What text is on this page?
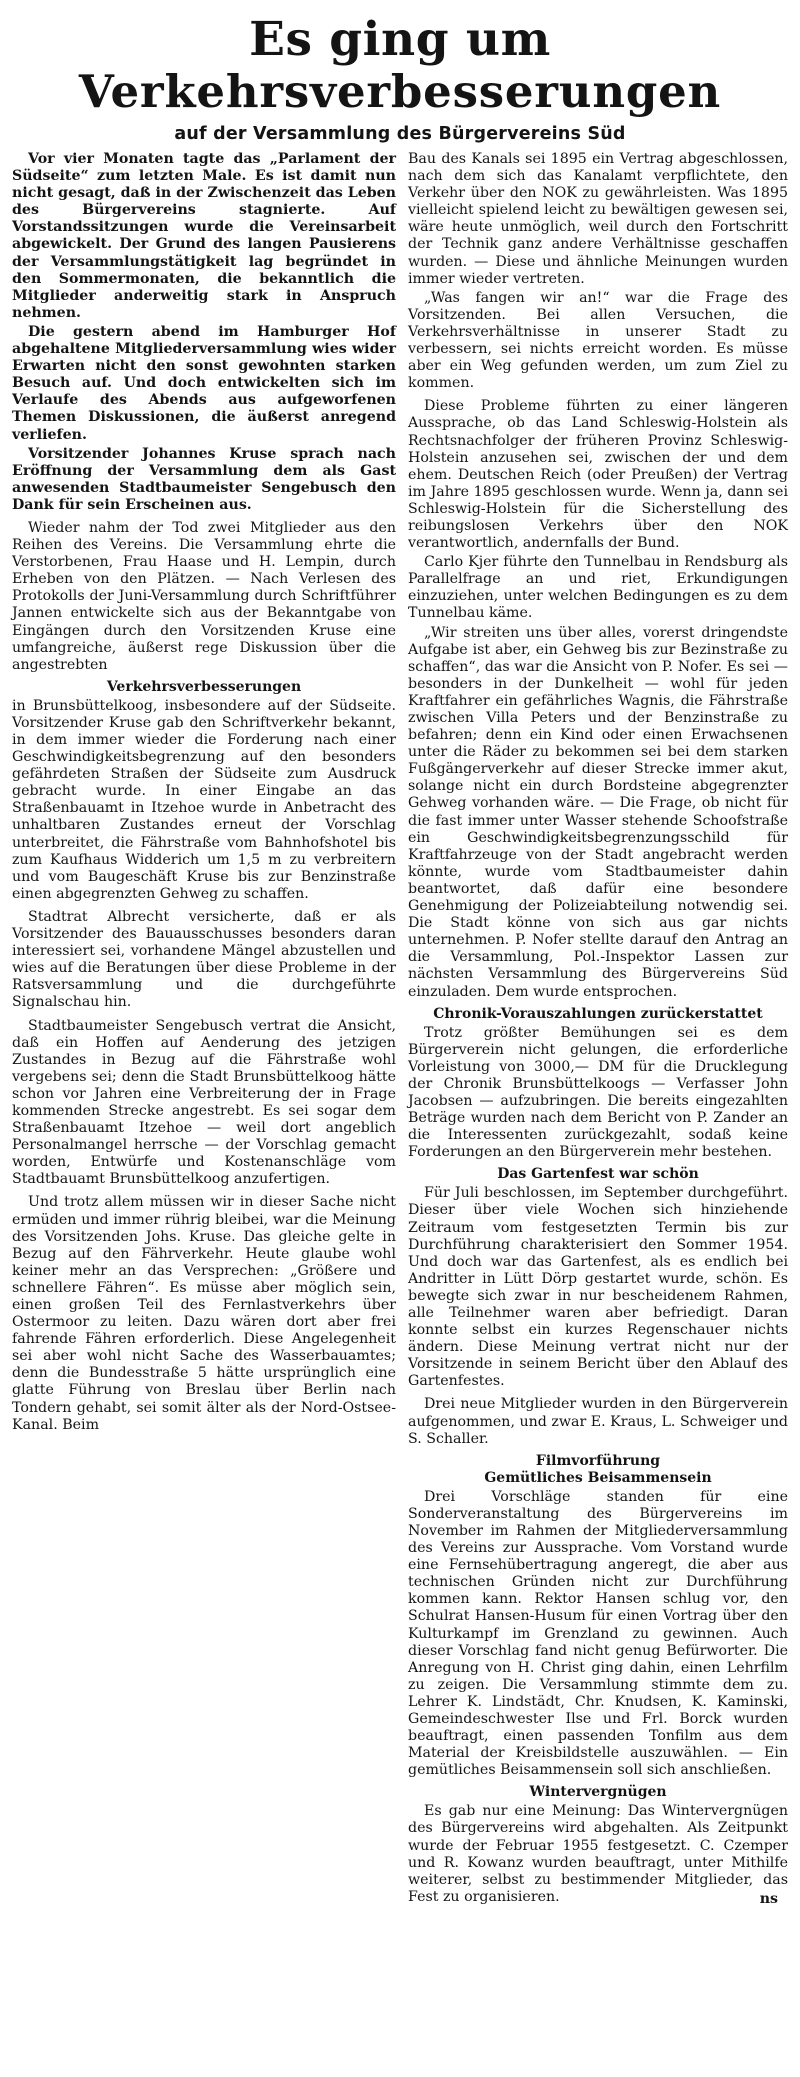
Es ging um
Verkehrsverbesserungen
auf der Versammlung des Bürgervereins Süd

Vor vier Monaten tagte das „Parlament der Südseite“ zum letzten Male. Es ist damit nun nicht gesagt, daß in der Zwischenzeit das Leben des Bürgervereins stagnierte. Auf Vorstandssitzungen wurde die Vereinsarbeit abgewickelt. Der Grund des langen Pausierens der Versammlungstätigkeit lag begründet in den Sommermonaten, die bekanntlich die Mitglieder anderweitig stark in Anspruch nehmen.

Die gestern abend im Hamburger Hof abgehaltene Mitgliederversammlung wies wider Erwarten nicht den sonst gewohnten starken Besuch auf. Und doch entwickelten sich im Verlaufe des Abends aus aufgeworfenen Themen Diskussionen, die äußerst anregend verliefen.

Vorsitzender Johannes Kruse sprach nach Eröffnung der Versammlung dem als Gast anwesenden Stadtbaumeister Sengebusch den Dank für sein Erscheinen aus.

Wieder nahm der Tod zwei Mitglieder aus den Reihen des Vereins. Die Versammlung ehrte die Verstorbenen, Frau Haase und H. Lempin, durch Erheben von den Plätzen. — Nach Verlesen des Protokolls der Juni-Versammlung durch Schriftführer Jannen entwickelte sich aus der Bekanntgabe von Eingängen durch den Vorsitzenden Kruse eine umfangreiche, äußerst rege Diskussion über die angestrebten

Verkehrsverbesserungen

in Brunsbüttelkoog, insbesondere auf der Südseite. Vorsitzender Kruse gab den Schriftverkehr bekannt, in dem immer wieder die Forderung nach einer Geschwindigkeitsbegrenzung auf den besonders gefährdeten Straßen der Südseite zum Ausdruck gebracht wurde. In einer Eingabe an das Straßenbauamt in Itzehoe wurde in Anbetracht des unhaltbaren Zustandes erneut der Vorschlag unterbreitet, die Fährstraße vom Bahnhofshotel bis zum Kaufhaus Widderich um 1,5 m zu verbreitern und vom Baugeschäft Kruse bis zur Benzinstraße einen abgegrenzten Gehweg zu schaffen.

Stadtrat Albrecht versicherte, daß er als Vorsitzender des Bauausschusses besonders daran interessiert sei, vorhandene Mängel abzustellen und wies auf die Beratungen über diese Probleme in der Ratsversammlung und die durchgeführte Signalschau hin.

Stadtbaumeister Sengebusch vertrat die Ansicht, daß ein Hoffen auf Aenderung des jetzigen Zustandes in Bezug auf die Fährstraße wohl vergebens sei; denn die Stadt Brunsbüttelkoog hätte schon vor Jahren eine Verbreiterung der in Frage kommenden Strecke angestrebt. Es sei sogar dem Straßenbauamt Itzehoe — weil dort angeblich Personalmangel herrsche — der Vorschlag gemacht worden, Entwürfe und Kostenanschläge vom Stadtbauamt Brunsbüttelkoog anzufertigen.

Und trotz allem müssen wir in dieser Sache nicht ermüden und immer rührig bleibei, war die Meinung des Vorsitzenden Johs. Kruse. Das gleiche gelte in Bezug auf den Fährverkehr. Heute glaube wohl keiner mehr an das Versprechen: „Größere und schnellere Fähren“. Es müsse aber möglich sein, einen großen Teil des Fernlastverkehrs über Ostermoor zu leiten. Dazu wären dort aber frei fahrende Fähren erforderlich. Diese Angelegenheit sei aber wohl nicht Sache des Wasserbauamtes; denn die Bundesstraße 5 hätte ursprünglich eine glatte Führung von Breslau über Berlin nach Tondern gehabt, sei somit älter als der Nord-Ostsee-Kanal. Beim

Bau des Kanals sei 1895 ein Vertrag abgeschlossen, nach dem sich das Kanalamt verpflichtete, den Verkehr über den NOK zu gewährleisten. Was 1895 vielleicht spielend leicht zu bewältigen gewesen sei, wäre heute unmöglich, weil durch den Fortschritt der Technik ganz andere Verhältnisse geschaffen wurden. — Diese und ähnliche Meinungen wurden immer wieder vertreten.

„Was fangen wir an!“ war die Frage des Vorsitzenden. Bei allen Versuchen, die Verkehrsverhältnisse in unserer Stadt zu verbessern, sei nichts erreicht worden. Es müsse aber ein Weg gefunden werden, um zum Ziel zu kommen.

Diese Probleme führten zu einer längeren Aussprache, ob das Land Schleswig-Holstein als Rechtsnachfolger der früheren Provinz Schleswig-Holstein anzusehen sei, zwischen der und dem ehem. Deutschen Reich (oder Preußen) der Vertrag im Jahre 1895 geschlossen wurde. Wenn ja, dann sei Schleswig-Holstein für die Sicherstellung des reibungslosen Verkehrs über den NOK verantwortlich, andernfalls der Bund.

Carlo Kjer führte den Tunnelbau in Rendsburg als Parallelfrage an und riet, Erkundigungen einzuziehen, unter welchen Bedingungen es zu dem Tunnelbau käme.

„Wir streiten uns über alles, vorerst dringendste Aufgabe ist aber, ein Gehweg bis zur Bezinstraße zu schaffen“, das war die Ansicht von P. Nofer. Es sei — besonders in der Dunkelheit — wohl für jeden Kraftfahrer ein gefährliches Wagnis, die Fährstraße zwischen Villa Peters und der Benzinstraße zu befahren; denn ein Kind oder einen Erwachsenen unter die Räder zu bekommen sei bei dem starken Fußgängerverkehr auf dieser Strecke immer akut, solange nicht ein durch Bordsteine abgegrenzter Gehweg vorhanden wäre. — Die Frage, ob nicht für die fast immer unter Wasser stehende Schoofstraße ein Geschwindigkeitsbegrenzungsschild für Kraftfahrzeuge von der Stadt angebracht werden könnte, wurde vom Stadtbaumeister dahin beantwortet, daß dafür eine besondere Genehmigung der Polizeiabteilung notwendig sei. Die Stadt könne von sich aus gar nichts unternehmen. P. Nofer stellte darauf den Antrag an die Versammlung, Pol.-Inspektor Lassen zur nächsten Versammlung des Bürgervereins Süd einzuladen. Dem wurde entsprochen.

Chronik-Vorauszahlungen zurückerstattet

Trotz größter Bemühungen sei es dem Bürgerverein nicht gelungen, die erforderliche Vorleistung von 3000,— DM für die Drucklegung der Chronik Brunsbüttelkoogs — Verfasser John Jacobsen — aufzubringen. Die bereits eingezahlten Beträge wurden nach dem Bericht von P. Zander an die Interessenten zurückgezahlt, sodaß keine Forderungen an den Bürgerverein mehr bestehen.

Das Gartenfest war schön

Für Juli beschlossen, im September durchgeführt. Dieser über viele Wochen sich hinziehende Zeitraum vom festgesetzten Termin bis zur Durchführung charakterisiert den Sommer 1954. Und doch war das Gartenfest, als es endlich bei Andritter in Lütt Dörp gestartet wurde, schön. Es bewegte sich zwar in nur bescheidenem Rahmen, alle Teilnehmer waren aber befriedigt. Daran konnte selbst ein kurzes Regenschauer nichts ändern. Diese Meinung vertrat nicht nur der Vorsitzende in seinem Bericht über den Ablauf des Gartenfestes.

Drei neue Mitglieder wurden in den Bürgerverein aufgenommen, und zwar E. Kraus, L. Schweiger und S. Schaller.

Filmvorführung
Gemütliches Beisammensein

Drei Vorschläge standen für eine Sonderveranstaltung des Bürgervereins im November im Rahmen der Mitgliederversammlung des Vereins zur Aussprache. Vom Vorstand wurde eine Fernsehübertragung angeregt, die aber aus technischen Gründen nicht zur Durchführung kommen kann. Rektor Hansen schlug vor, den Schulrat Hansen-Husum für einen Vortrag über den Kulturkampf im Grenzland zu gewinnen. Auch dieser Vorschlag fand nicht genug Befürworter. Die Anregung von H. Christ ging dahin, einen Lehrfilm zu zeigen. Die Versammlung stimmte dem zu. Lehrer K. Lindstädt, Chr. Knudsen, K. Kaminski, Gemeindeschwester Ilse und Frl. Borck wurden beauftragt, einen passenden Tonfilm aus dem Material der Kreisbildstelle auszuwählen. — Ein gemütliches Beisammensein soll sich anschließen.

Wintervergnügen

Es gab nur eine Meinung: Das Wintervergnügen des Bürgervereins wird abgehalten. Als Zeitpunkt wurde der Februar 1955 festgesetzt. C. Czemper und R. Kowanz wurden beauftragt, unter Mithilfe weiterer, selbst zu bestimmender Mitglieder, das Fest zu organisieren.	ns
